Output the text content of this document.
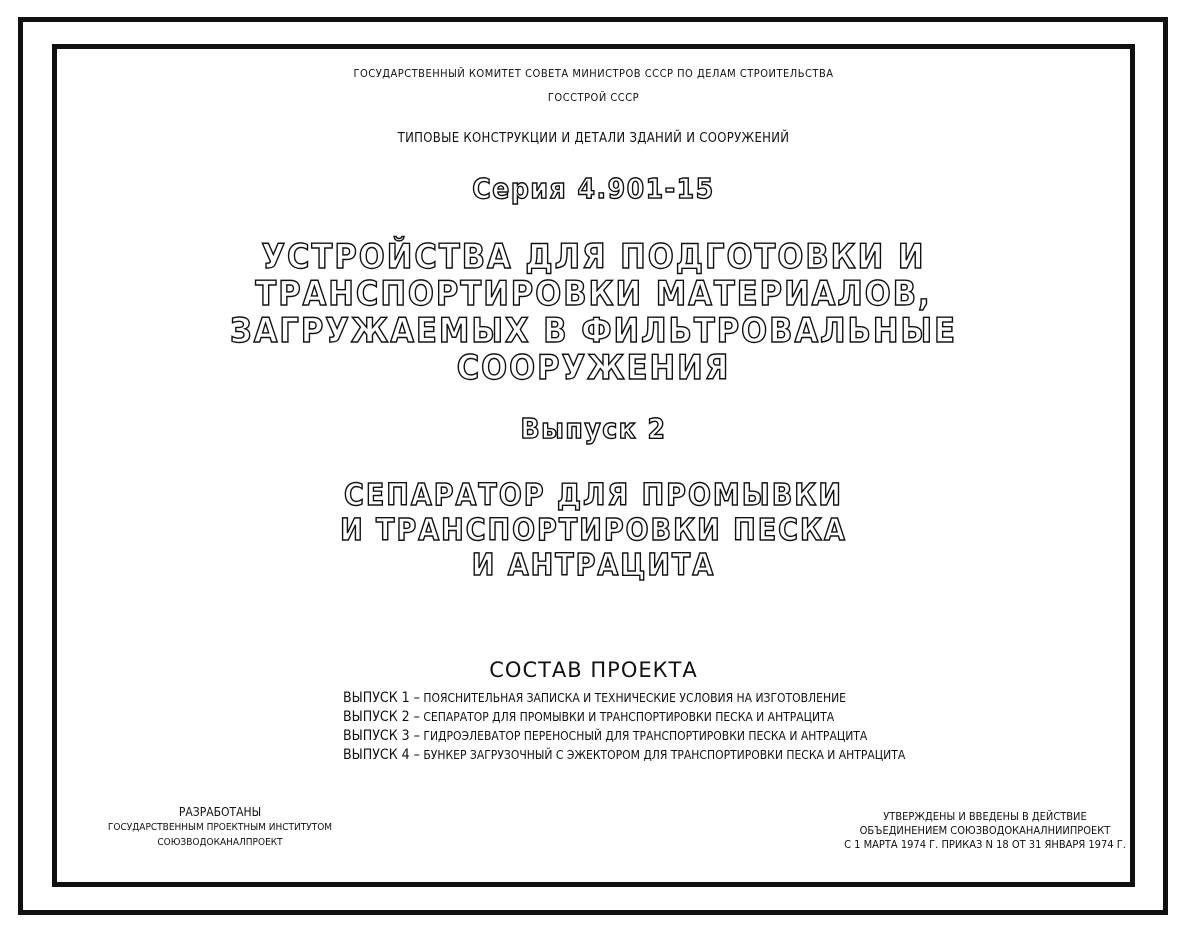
ГОСУДАРСТВЕННЫЙ КОМИТЕТ СОВЕТА МИНИСТРОВ СССР ПО ДЕЛАМ СТРОИТЕЛЬСТВА
ГОССТРОЙ СССР
ТИПОВЫЕ КОНСТРУКЦИИ И ДЕТАЛИ ЗДАНИЙ И СООРУЖЕНИЙ
Серия 4.901-15
УСТРОЙСТВА ДЛЯ ПОДГОТОВКИ И
ТРАНСПОРТИРОВКИ МАТЕРИАЛОВ,
ЗАГРУЖАЕМЫХ В ФИЛЬТРОВАЛЬНЫЕ
СООРУЖЕНИЯ
Выпуск 2
СЕПАРАТОР ДЛЯ ПРОМЫВКИ
И ТРАНСПОРТИРОВКИ ПЕСКА
И АНТРАЦИТА
СОСТАВ ПРОЕКТА
ВЫПУСК 1 – ПОЯСНИТЕЛЬНАЯ ЗАПИСКА И ТЕХНИЧЕСКИЕ УСЛОВИЯ НА ИЗГОТОВЛЕНИЕ
ВЫПУСК 2 – СЕПАРАТОР ДЛЯ ПРОМЫВКИ И ТРАНСПОРТИРОВКИ ПЕСКА И АНТРАЦИТА
ВЫПУСК 3 – ГИДРОЭЛЕВАТОР ПЕРЕНОСНЫЙ ДЛЯ ТРАНСПОРТИРОВКИ ПЕСКА И АНТРАЦИТА
ВЫПУСК 4 – БУНКЕР ЗАГРУЗОЧНЫЙ С ЭЖЕКТОРОМ ДЛЯ ТРАНСПОРТИРОВКИ ПЕСКА И АНТРАЦИТА
РАЗРАБОТАНЫ
ГОСУДАРСТВЕННЫМ ПРОЕКТНЫМ ИНСТИТУТОМ
СОЮЗВОДОКАНАЛПРОЕКТ
УТВЕРЖДЕНЫ И ВВЕДЕНЫ В ДЕЙСТВИЕ
ОБЪЕДИНЕНИЕМ СОЮЗВОДОКАНАЛНИИПРОЕКТ
С 1 МАРТА 1974 Г. ПРИКАЗ N 18 ОТ 31 ЯНВАРЯ 1974 Г.
